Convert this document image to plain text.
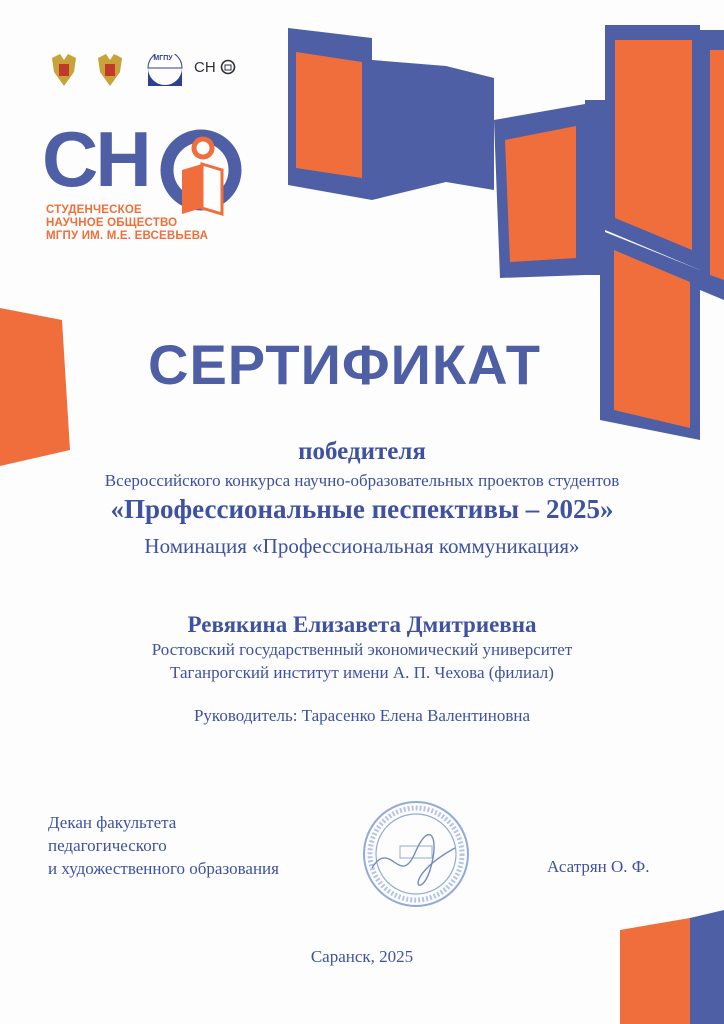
МГПУ
СН
СН
СТУДЕНЧЕСКОЕ
НАУЧНОЕ ОБЩЕСТВО
МГПУ ИМ. М.Е. ЕВСЕВЬЕВА
СЕРТИФИКАТ
победителя
Всероссийского конкурса научно-образовательных проектов студентов
«Профессиональные песпективы – 2025»
Номинация «Профессиональная коммуникация»
Ревякина Елизавета Дмитриевна
Ростовский государственный экономический университет
Таганрогский институт имени А. П. Чехова (филиал)
Руководитель: Тарасенко Елена Валентиновна
Декан факультета
педагогического
и художественного образования	Асатрян О. Ф.
Саранск, 2025
